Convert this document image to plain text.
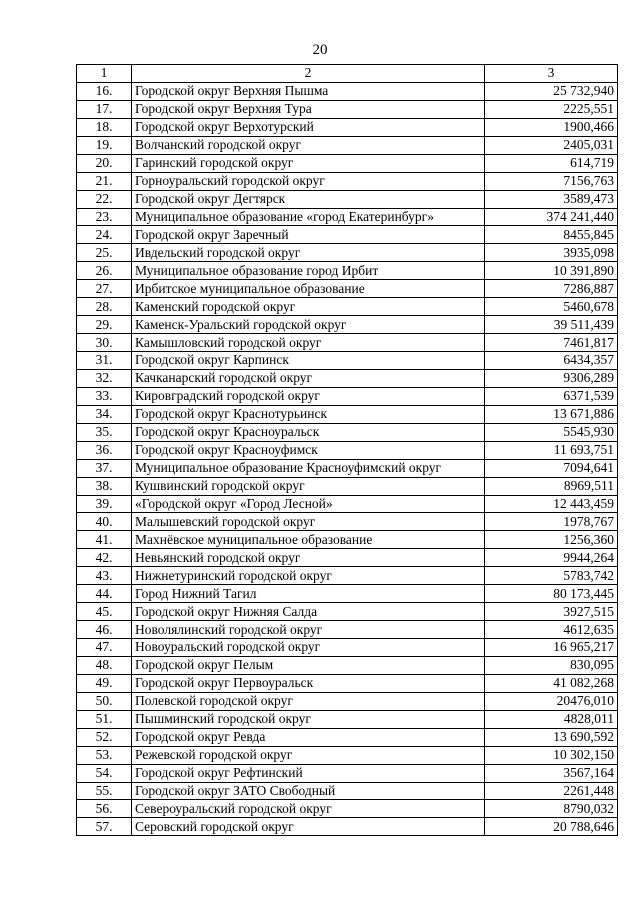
20
1	2	3
16.	Городской округ Верхняя Пышма	25 732,940
17.	Городской округ Верхняя Тура	2225,551
18.	Городской округ Верхотурский	1900,466
19.	Волчанский городской округ	2405,031
20.	Гаринский городской округ	614,719
21.	Горноуральский городской округ	7156,763
22.	Городской округ Дегтярск	3589,473
23.	Муниципальное образование «город Екатеринбург»	374 241,440
24.	Городской округ Заречный	8455,845
25.	Ивдельский городской округ	3935,098
26.	Муниципальное образование город Ирбит	10 391,890
27.	Ирбитское муниципальное образование	7286,887
28.	Каменский городской округ	5460,678
29.	Каменск-Уральский городской округ	39 511,439
30.	Камышловский городской округ	7461,817
31.	Городской округ Карпинск	6434,357
32.	Качканарский городской округ	9306,289
33.	Кировградский городской округ	6371,539
34.	Городской округ Краснотурьинск	13 671,886
35.	Городской округ Красноуральск	5545,930
36.	Городской округ Красноуфимск	11 693,751
37.	Муниципальное образование Красноуфимский округ	7094,641
38.	Кушвинский городской округ	8969,511
39.	«Городской округ «Город Лесной»	12 443,459
40.	Малышевский городской округ	1978,767
41.	Махнёвское муниципальное образование	1256,360
42.	Невьянский городской округ	9944,264
43.	Нижнетуринский городской округ	5783,742
44.	Город Нижний Тагил	80 173,445
45.	Городской округ Нижняя Салда	3927,515
46.	Новолялинский городской округ	4612,635
47.	Новоуральский городской округ	16 965,217
48.	Городской округ Пелым	830,095
49.	Городской округ Первоуральск	41 082,268
50.	Полевской городской округ	20476,010
51.	Пышминский городской округ	4828,011
52.	Городской округ Ревда	13 690,592
53.	Режевской городской округ	10 302,150
54.	Городской округ Рефтинский	3567,164
55.	Городской округ ЗАТО Свободный	2261,448
56.	Североуральский городской округ	8790,032
57.	Серовский городской округ	20 788,646
